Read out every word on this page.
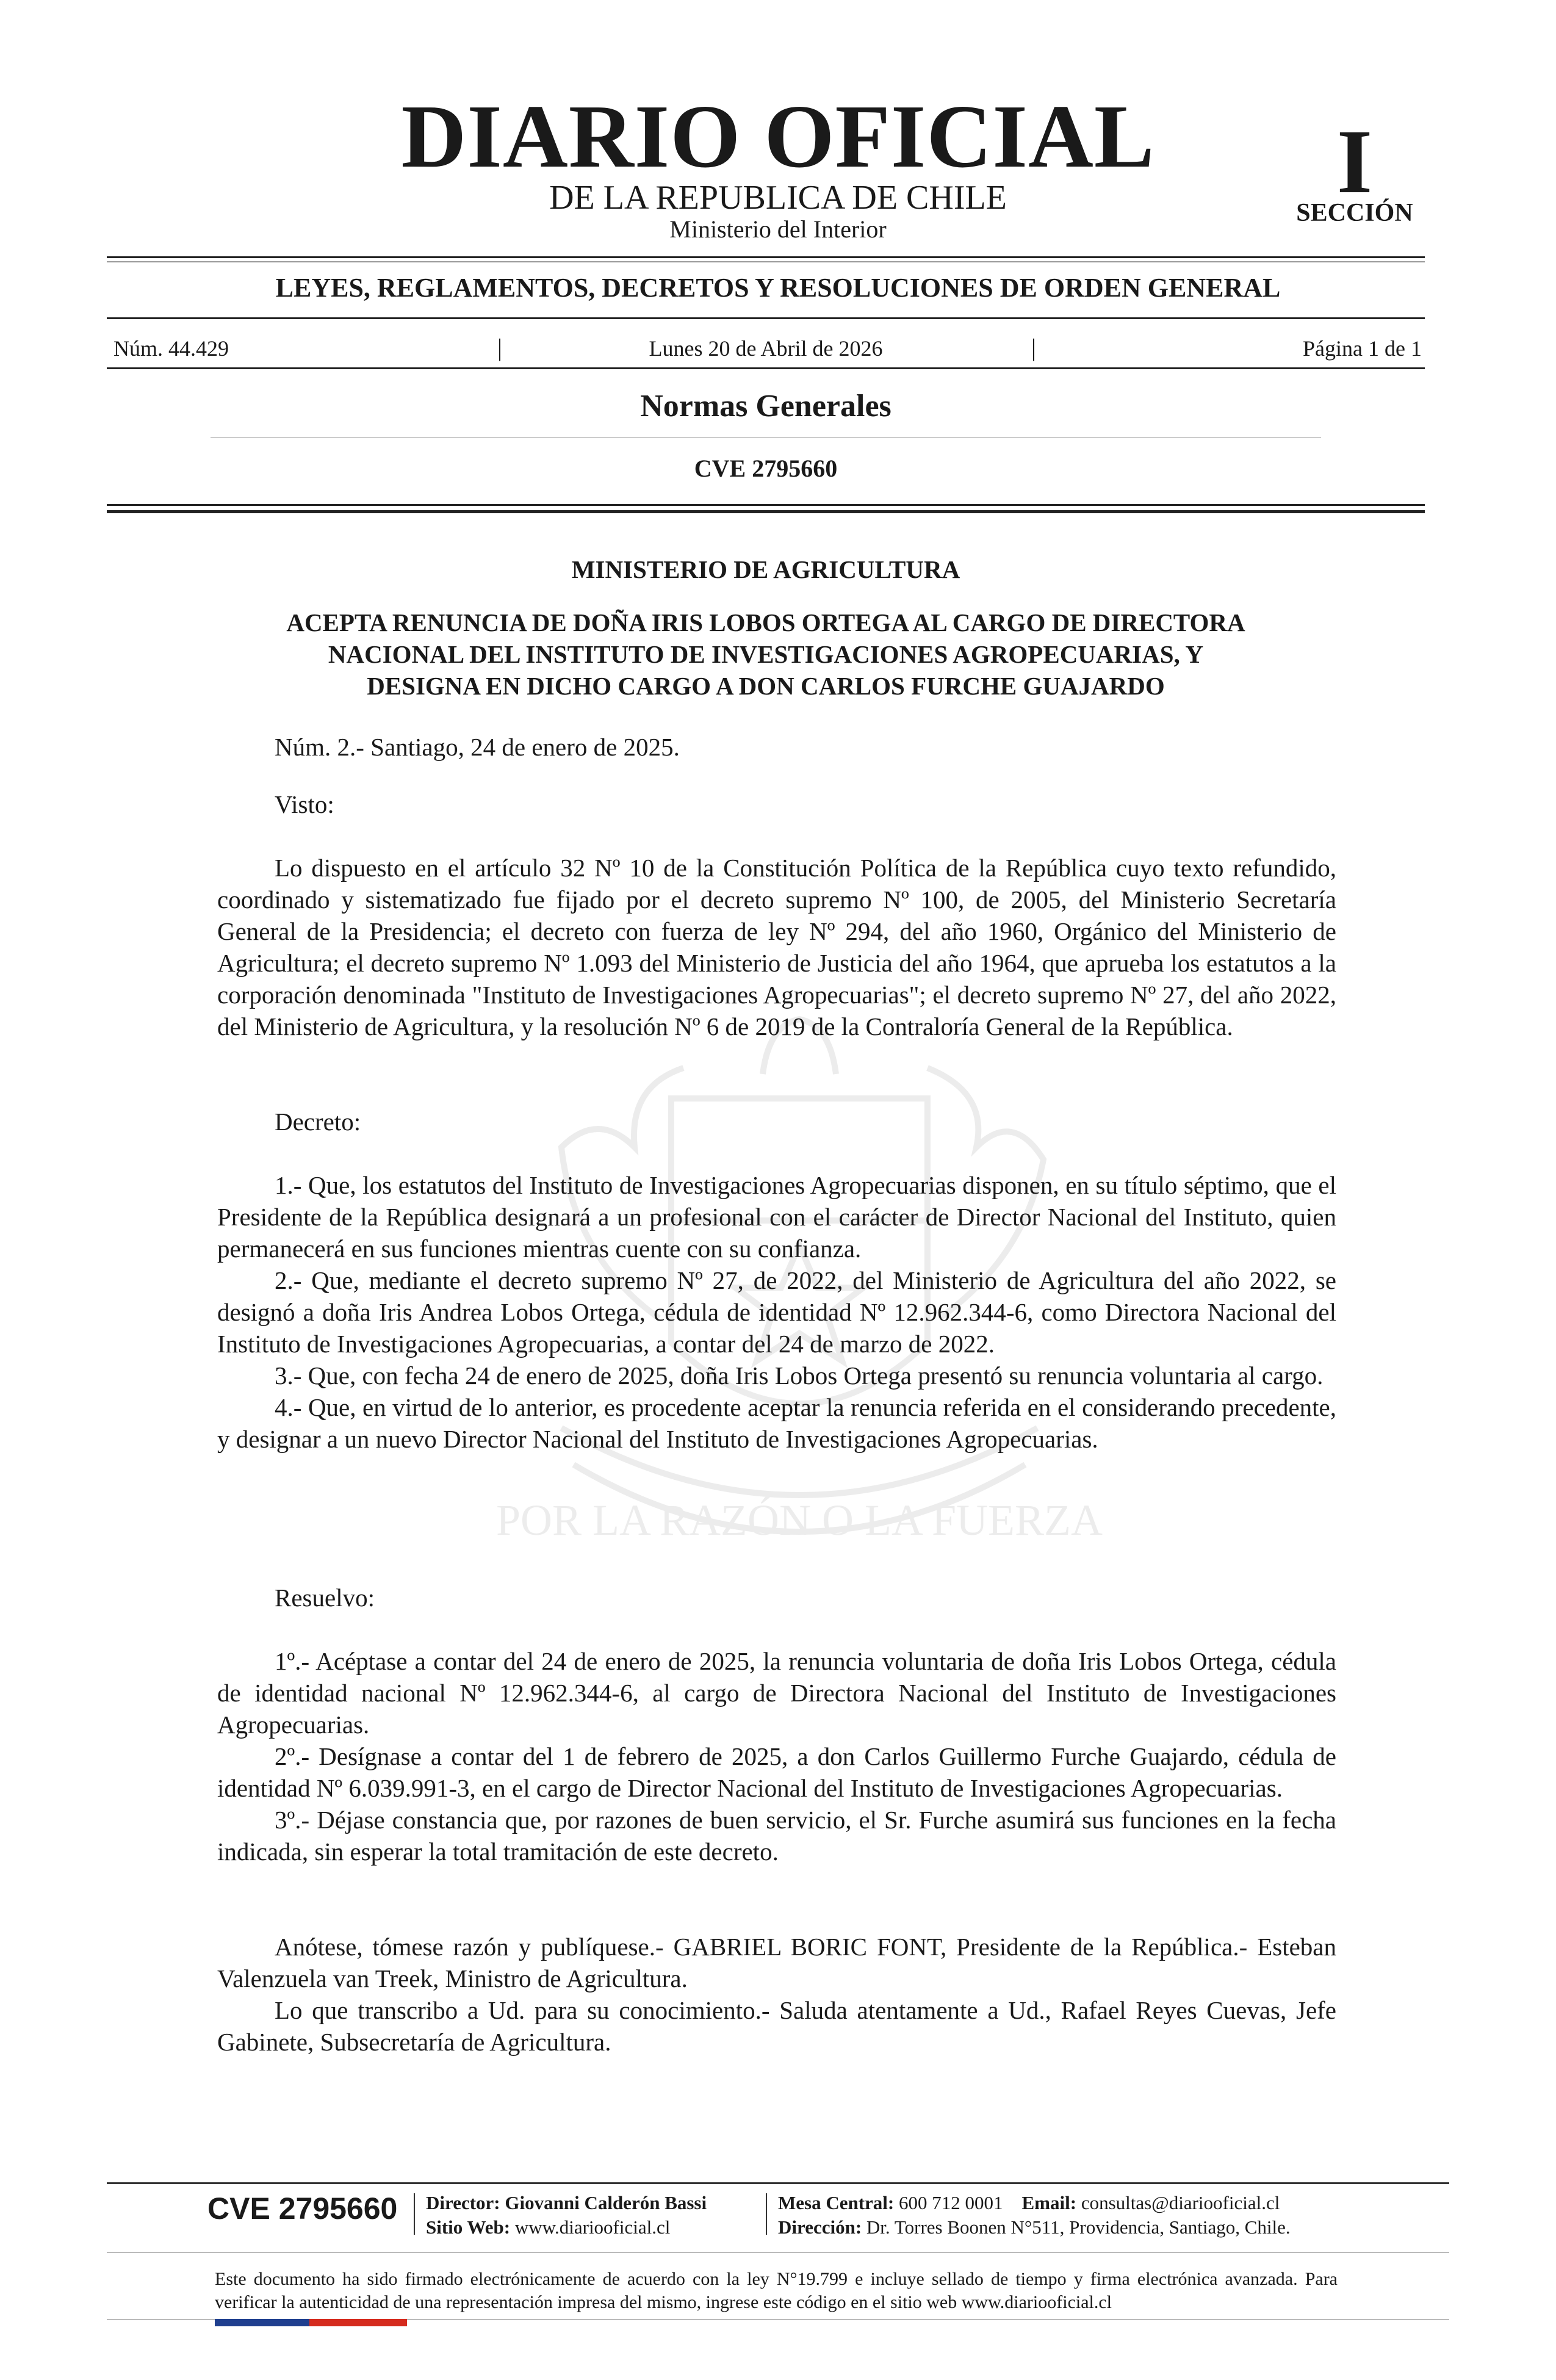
POR LA RAZÓN O LA FUERZA
DIARIO OFICIAL
DE LA REPUBLICA DE CHILE
Ministerio del Interior
I
SECCIÓN
LEYES, REGLAMENTOS, DECRETOS Y RESOLUCIONES DE ORDEN GENERAL
Núm. 44.429	|	Lunes 20 de Abril de 2026	|	Página 1 de 1
Normas Generales
CVE 2795660
MINISTERIO DE AGRICULTURA
ACEPTA RENUNCIA DE DOÑA IRIS LOBOS ORTEGA AL CARGO DE DIRECTORA
NACIONAL DEL INSTITUTO DE INVESTIGACIONES AGROPECUARIAS, Y
DESIGNA EN DICHO CARGO A DON CARLOS FURCHE GUAJARDO

Núm. 2.- Santiago, 24 de enero de 2025.

Visto:

Lo dispuesto en el artículo 32 Nº 10 de la Constitución Política de la República cuyo texto refundido, coordinado y sistematizado fue fijado por el decreto supremo Nº 100, de 2005, del Ministerio Secretaría General de la Presidencia; el decreto con fuerza de ley Nº 294, del año 1960, Orgánico del Ministerio de Agricultura; el decreto supremo Nº 1.093 del Ministerio de Justicia del año 1964, que aprueba los estatutos a la corporación denominada "Instituto de Investigaciones Agropecuarias"; el decreto supremo Nº 27, del año 2022, del Ministerio de Agricultura, y la resolución Nº 6 de 2019 de la Contraloría General de la República.

Decreto:

1.- Que, los estatutos del Instituto de Investigaciones Agropecuarias disponen, en su título séptimo, que el Presidente de la República designará a un profesional con el carácter de Director Nacional del Instituto, quien permanecerá en sus funciones mientras cuente con su confianza.

2.- Que, mediante el decreto supremo Nº 27, de 2022, del Ministerio de Agricultura del año 2022, se designó a doña Iris Andrea Lobos Ortega, cédula de identidad Nº 12.962.344-6, como Directora Nacional del Instituto de Investigaciones Agropecuarias, a contar del 24 de marzo de 2022.

3.- Que, con fecha 24 de enero de 2025, doña Iris Lobos Ortega presentó su renuncia voluntaria al cargo.

4.- Que, en virtud de lo anterior, es procedente aceptar la renuncia referida en el considerando precedente, y designar a un nuevo Director Nacional del Instituto de Investigaciones Agropecuarias.

Resuelvo:

1º.- Acéptase a contar del 24 de enero de 2025, la renuncia voluntaria de doña Iris Lobos Ortega, cédula de identidad nacional Nº 12.962.344-6, al cargo de Directora Nacional del Instituto de Investigaciones Agropecuarias.

2º.- Desígnase a contar del 1 de febrero de 2025, a don Carlos Guillermo Furche Guajardo, cédula de identidad Nº 6.039.991-3, en el cargo de Director Nacional del Instituto de Investigaciones Agropecuarias.

3º.- Déjase constancia que, por razones de buen servicio, el Sr. Furche asumirá sus funciones en la fecha indicada, sin esperar la total tramitación de este decreto.

Anótese, tómese razón y publíquese.- GABRIEL BORIC FONT, Presidente de la República.- Esteban Valenzuela van Treek, Ministro de Agricultura.

Lo que transcribo a Ud. para su conocimiento.- Saluda atentamente a Ud., Rafael Reyes Cuevas, Jefe Gabinete, Subsecretaría de Agricultura.

CVE 2795660 Director: Giovanni Calderón Bassi
Sitio Web: www.diariooficial.cl
Mesa Central: 600 712 0001 Email: consultas@diariooficial.cl
Dirección: Dr. Torres Boonen N°511, Providencia, Santiago, Chile.
Este documento ha sido firmado electrónicamente de acuerdo con la ley N°19.799 e incluye sellado de tiempo y firma electrónica avanzada. Para verificar la autenticidad de una representación impresa del mismo, ingrese este código en el sitio web www.diariooficial.cl
